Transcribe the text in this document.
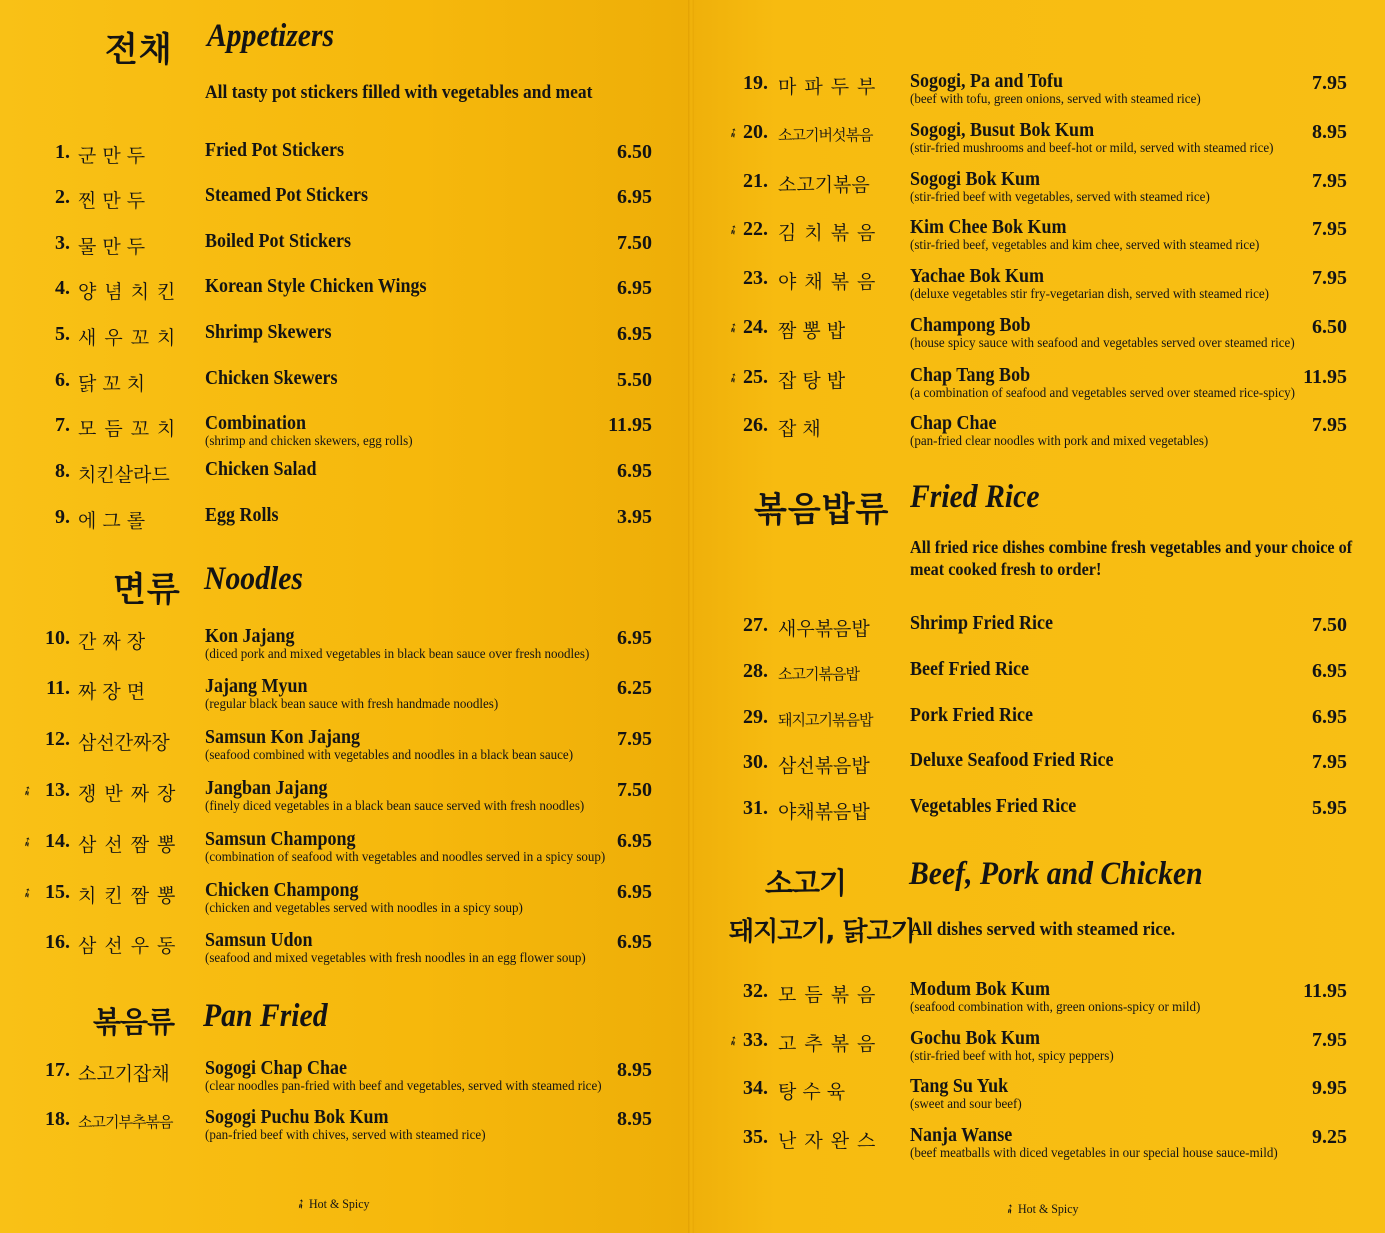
전채 Appetizers
All tasty pot stickers filled with vegetables and meat
면류 Noodles
볶음류 Pan Fried
➶ Hot & Spicy
볶음밥류 Fried Rice
All fried rice dishes combine fresh vegetables and your choice of
meat cooked fresh to order!
소고기
돼지고기, 닭고기
Beef, Pork and Chicken
All dishes served with steamed rice.
➶ Hot & Spicy
1. 군 만 두	Fried Pot Stickers	6.50
2. 찐 만 두	Steamed Pot Stickers	6.95
3. 물 만 두	Boiled Pot Stickers	7.50
4. 양념치킨 Korean Style Chicken Wings	6.95
5. 새우꼬치 Shrimp Skewers	6.95
6. 닭 꼬 치	Chicken Skewers	5.50
7. 모듬꼬치 Combination
(shrimp and chicken skewers, egg rolls)
11.95
8. 치킨살라드	Chicken Salad	6.95
9. 에 그 롤	Egg Rolls	3.95
10. 간 짜 장	Kon Jajang
(diced pork and mixed vegetables in black bean sauce over fresh noodles)
6.95
11. 짜 장 면	Jajang Myun
(regular black bean sauce with fresh handmade noodles)
6.25
12. 삼선간짜장	Samsun Kon Jajang
(seafood combined with vegetables and noodles in a black bean sauce)
7.95
➶ 13. 쟁반짜장 Jangban Jajang
(finely diced vegetables in a black bean sauce served with fresh noodles)
7.50
➶ 14. 삼선짬뽕 Samsun Champong
(combination of seafood with vegetables and noodles served in a spicy soup)
6.95
➶ 15. 치킨짬뽕 Chicken Champong
(chicken and vegetables served with noodles in a spicy soup)
6.95
16. 삼선우동 Samsun Udon
(seafood and mixed vegetables with fresh noodles in an egg flower soup)
6.95
17. 소고기잡채	Sogogi Chap Chae
(clear noodles pan-fried with beef and vegetables, served with steamed rice)
8.95
18. 소고기부추볶음	Sogogi Puchu Bok Kum
(pan-fried beef with chives, served with steamed rice)
8.95
19. 마파두부 Sogogi, Pa and Tofu
(beef with tofu, green onions, served with steamed rice)
7.95
➶ 20. 소고기버섯볶음	Sogogi, Busut Bok Kum
(stir-fried mushrooms and beef-hot or mild, served with steamed rice)
8.95
21. 소고기볶음	Sogogi Bok Kum
(stir-fried beef with vegetables, served with steamed rice)
7.95
➶ 22. 김치볶음 Kim Chee Bok Kum
(stir-fried beef, vegetables and kim chee, served with steamed rice)
7.95
23. 야채볶음 Yachae Bok Kum
(deluxe vegetables stir fry-vegetarian dish, served with steamed rice)
7.95
➶ 24. 짬 뽕 밥	Champong Bob
(house spicy sauce with seafood and vegetables served over steamed rice)
6.50
➶ 25. 잡 탕 밥	Chap Tang Bob
(a combination of seafood and vegetables served over steamed rice-spicy)
11.95
26. 잡 채	Chap Chae
(pan-fried clear noodles with pork and mixed vegetables)
7.95
27. 새우볶음밥	Shrimp Fried Rice	7.50
28. 소고기볶음밥	Beef Fried Rice	6.95
29. 돼지고기볶음밥	Pork Fried Rice	6.95
30. 삼선볶음밥	Deluxe Seafood Fried Rice	7.95
31. 야채볶음밥	Vegetables Fried Rice	5.95
32. 모듬볶음 Modum Bok Kum
(seafood combination with, green onions-spicy or mild)
11.95
➶ 33. 고추볶음 Gochu Bok Kum
(stir-fried beef with hot, spicy peppers)
7.95
34. 탕 수 육	Tang Su Yuk
(sweet and sour beef)
9.95
35. 난자완스 Nanja Wanse
(beef meatballs with diced vegetables in our special house sauce-mild)
9.25
